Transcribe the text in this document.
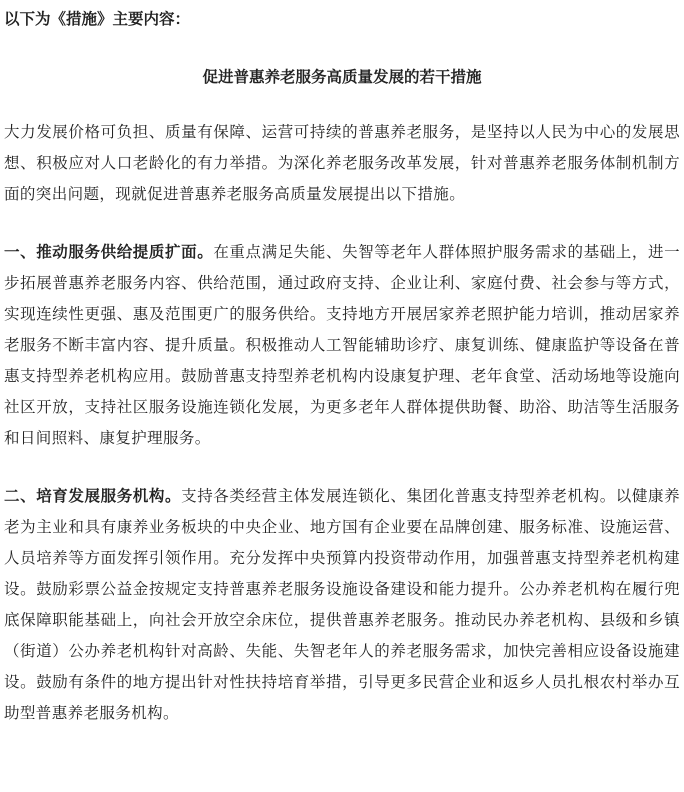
以下为《措施》主要内容：
促进普惠养老服务高质量发展的若干措施

大力发展价格可负担、质量有保障、运营可持续的普惠养老服务，是坚持以人民为中心的发展思想、积极应对人口老龄化的有力举措。为深化养老服务改革发展，针对普惠养老服务体制机制方面的突出问题，现就促进普惠养老服务高质量发展提出以下措施。

一、推动服务供给提质扩面。在重点满足失能、失智等老年人群体照护服务需求的基础上，进一步拓展普惠养老服务内容、供给范围，通过政府支持、企业让利、家庭付费、社会参与等方式，实现连续性更强、惠及范围更广的服务供给。支持地方开展居家养老照护能力培训，推动居家养老服务不断丰富内容、提升质量。积极推动人工智能辅助诊疗、康复训练、健康监护等设备在普惠支持型养老机构应用。鼓励普惠支持型养老机构内设康复护理、老年食堂、活动场地等设施向社区开放，支持社区服务设施连锁化发展，为更多老年人群体提供助餐、助浴、助洁等生活服务和日间照料、康复护理服务。

二、培育发展服务机构。支持各类经营主体发展连锁化、集团化普惠支持型养老机构。以健康养老为主业和具有康养业务板块的中央企业、地方国有企业要在品牌创建、服务标准、设施运营、人员培养等方面发挥引领作用。充分发挥中央预算内投资带动作用，加强普惠支持型养老机构建设。鼓励彩票公益金按规定支持普惠养老服务设施设备建设和能力提升。公办养老机构在履行兜底保障职能基础上，向社会开放空余床位，提供普惠养老服务。推动民办养老机构、县级和乡镇（街道）公办养老机构针对高龄、失能、失智老年人的养老服务需求，加快完善相应设备设施建设。鼓励有条件的地方提出针对性扶持培育举措，引导更多民营企业和返乡人员扎根农村举办互助型普惠养老服务机构。
